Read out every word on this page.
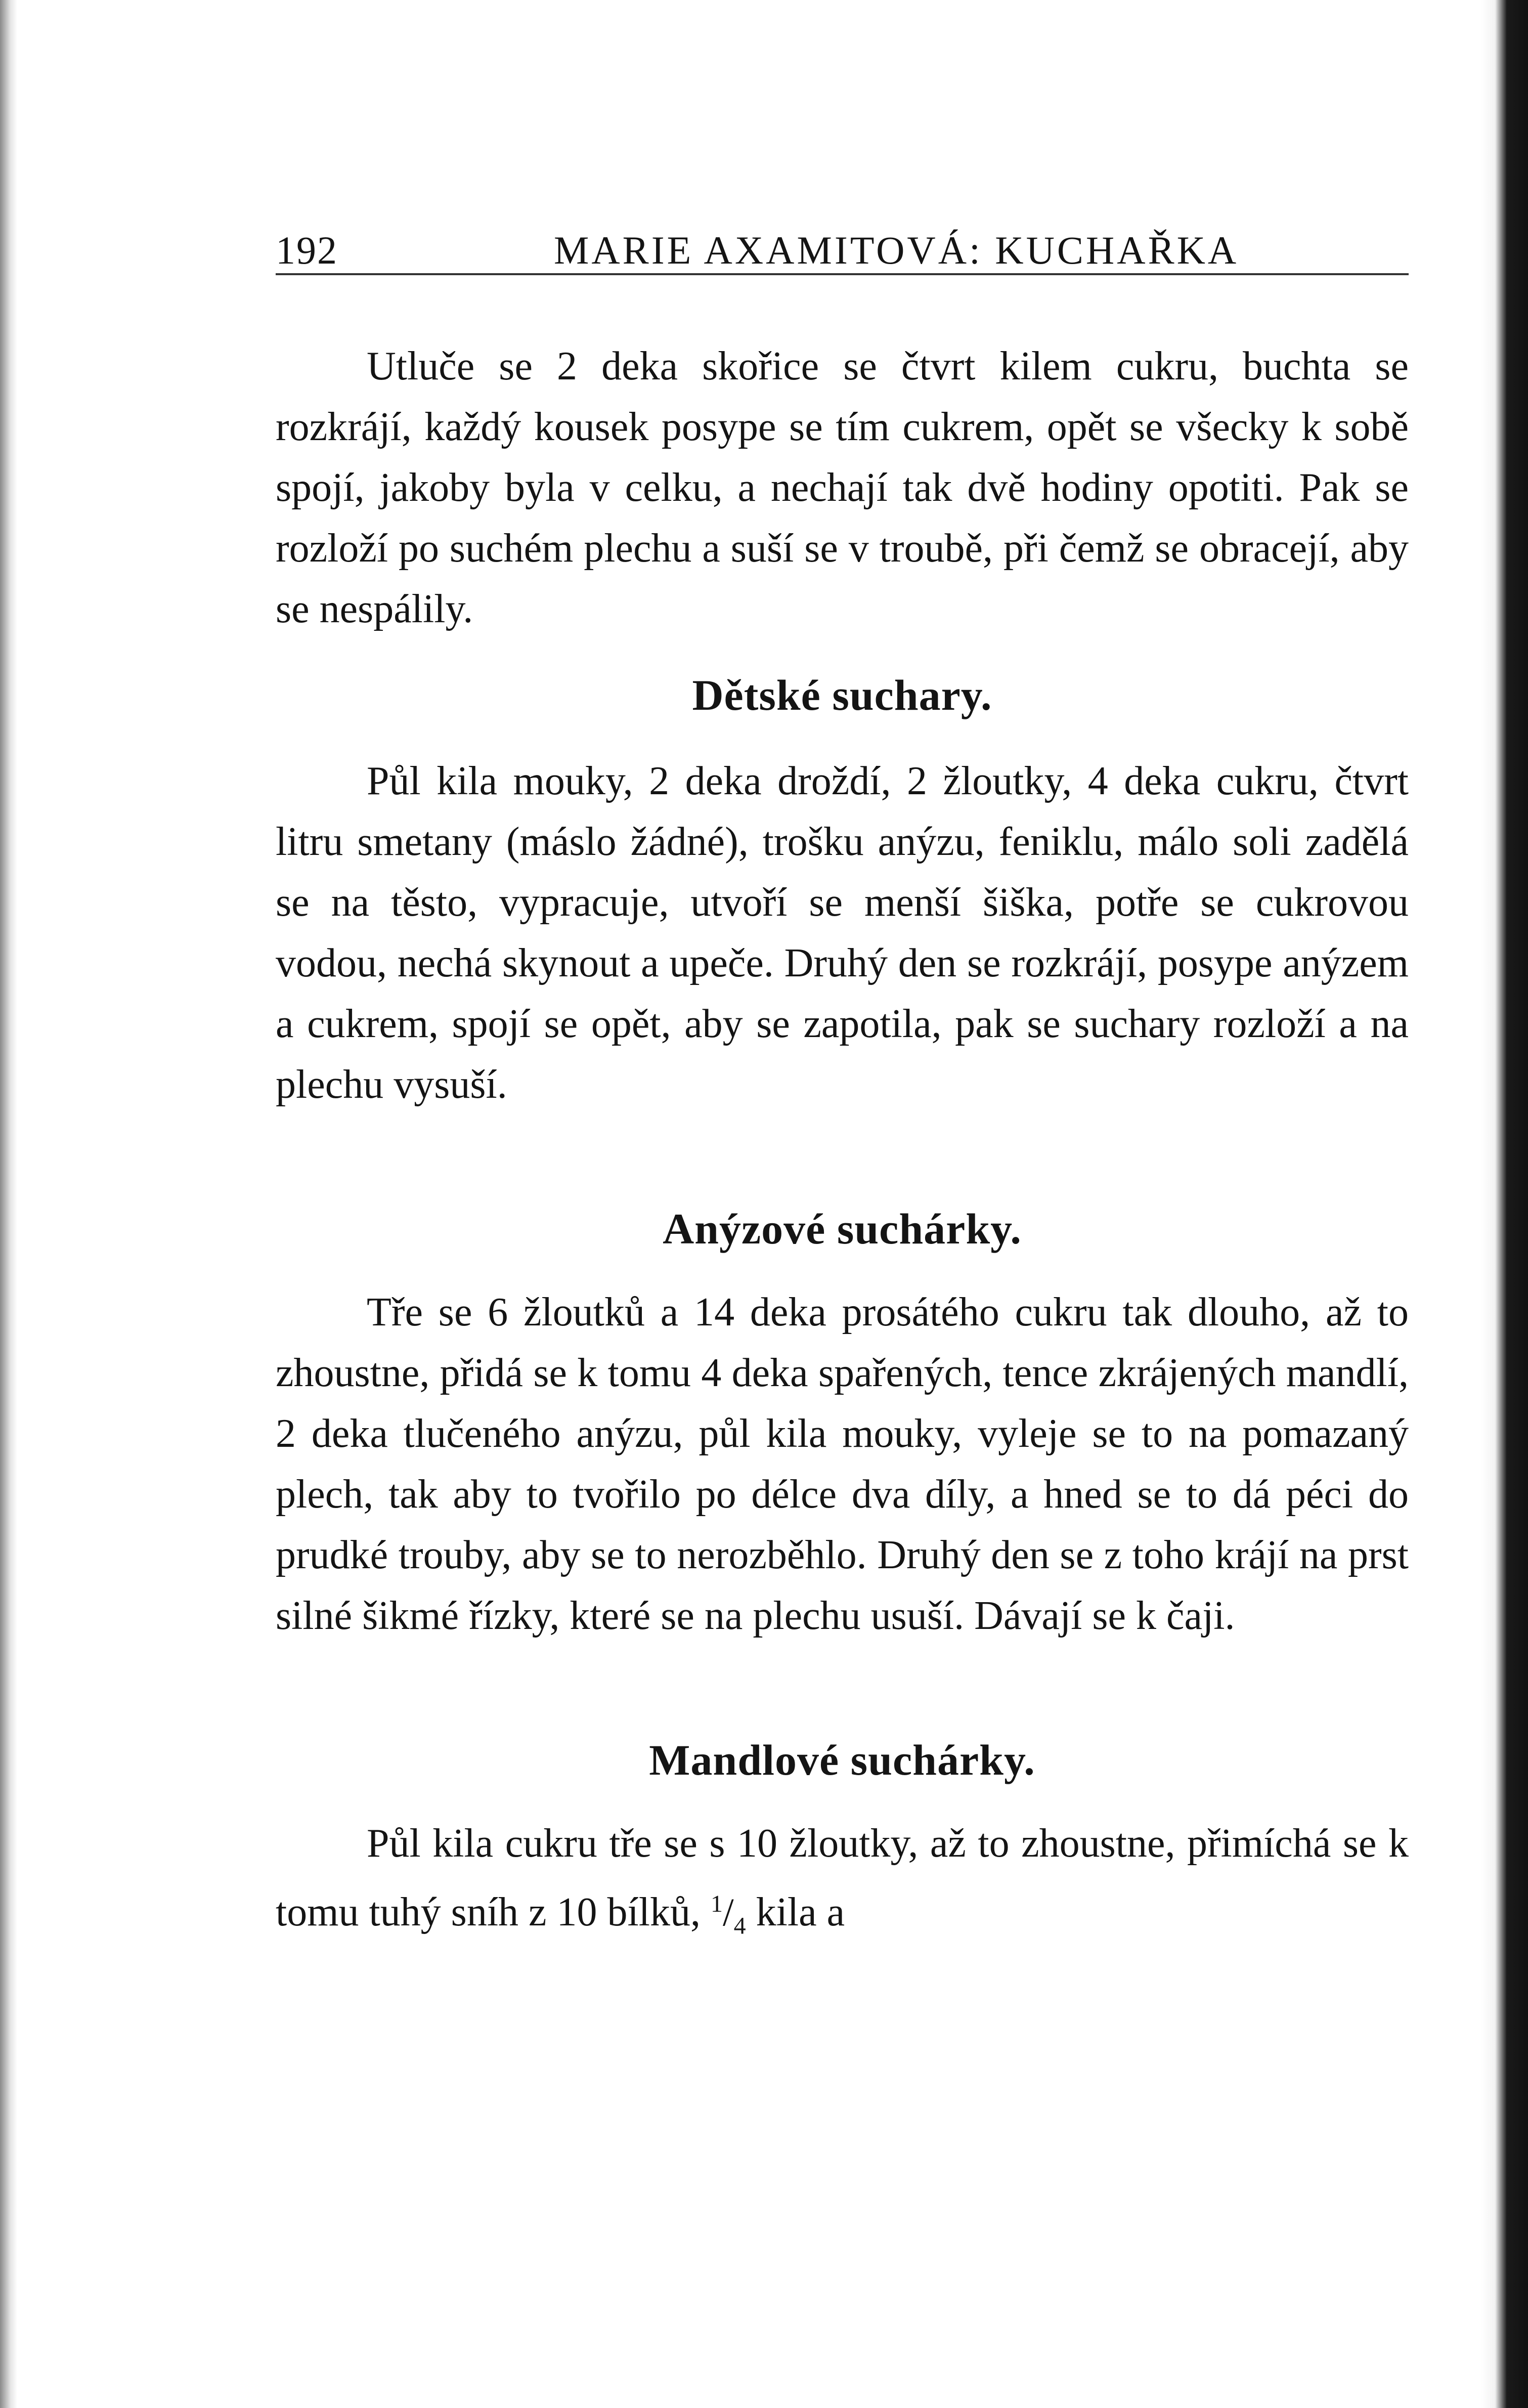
192	MARIE AXAMITOVÁ: KUCHAŘKA

Utluče se 2 deka skořice se čtvrt kilem cukru, buchta se rozkrájí, každý kousek posype se tím cukrem, opět se všecky k sobě spojí, jakoby byla v celku, a nechají tak dvě hodiny opotiti. Pak se rozloží po suchém plechu a suší se v troubě, při čemž se obracejí, aby se nespálily.

Dětské suchary.

Půl kila mouky, 2 deka droždí, 2 žloutky, 4 deka cukru, čtvrt litru smetany (máslo žádné), trošku anýzu, feniklu, málo soli zadělá se na těsto, vypracuje, utvoří se menší šiška, potře se cukrovou vodou, nechá skynout a upeče. Druhý den se rozkrájí, posype anýzem a cukrem, spojí se opět, aby se zapotila, pak se suchary rozloží a na plechu vysuší.

Anýzové suchárky.

Tře se 6 žloutků a 14 deka prosátého cukru tak dlouho, až to zhoustne, přidá se k tomu 4 deka spařených, tence zkrájených mandlí, 2 deka tlučeného anýzu, půl kila mouky, vyleje se to na pomazaný plech, tak aby to tvořilo po délce dva díly, a hned se to dá péci do prudké trouby, aby se to nerozběhlo. Druhý den se z toho krájí na prst silné šikmé řízky, které se na plechu usuší. Dávají se k čaji.

Mandlové suchárky.

Půl kila cukru tře se s 10 žloutky, až to zhoustne, přimíchá se k tomu tuhý sníh z 10 bílků, $^1/_4$ kila a
